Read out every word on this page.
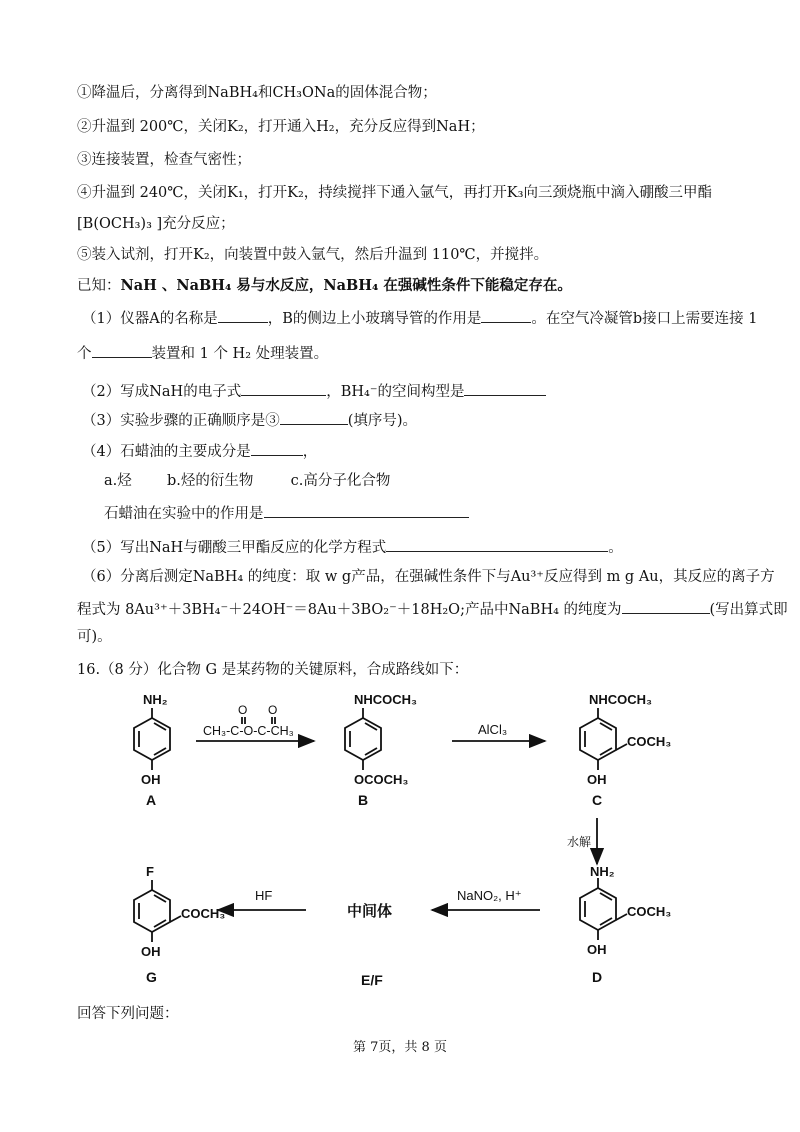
①降温后，分离得到NaBH₄和CH₃ONa的固体混合物；
②升温到 200℃，关闭K₂，打开通入H₂，充分反应得到NaH；
③连接装置，检查气密性；
④升温到 240℃，关闭K₁，打开K₂，持续搅拌下通入氩气，再打开K₃向三颈烧瓶中滴入硼酸三甲酯
[B(OCH₃)₃ ]充分反应；
⑤装入试剂，打开K₂，向装置中鼓入氩气，然后升温到 110℃，并搅拌。
已知：NaH 、NaBH₄ 易与水反应，NaBH₄ 在强碱性条件下能稳定存在。
（1）仪器A的名称是	，B的侧边上小玻璃导管的作用是	。在空气冷凝管b接口上需要连接 1
个	装置和 1 个 H₂ 处理装置。
（2）写成NaH的电子式	，BH₄⁻的空间构型是
（3）实验步骤的正确顺序是③	(填序号)。
（4）石蜡油的主要成分是	，
a.烃 b.烃的衍生物	c.高分子化合物
石蜡油在实验中的作用是
（5）写出NaH与硼酸三甲酯反应的化学方程式	。
（6）分离后测定NaBH₄ 的纯度：取 w g产品，在强碱性条件下与Au³⁺反应得到 m g Au，其反应的离子方
程式为 8Au³⁺＋3BH₄⁻＋24OH⁻＝8Au＋3BO₂⁻＋18H₂O;产品中NaBH₄ 的纯度为	(写出算式即
可)。
16.（8 分）化合物 G 是某药物的关键原料，合成路线如下：
NH₂
OH
A
O O
CH₃-C-O-C-CH₃
NHCOCH₃
OCOCH₃
B
AlCl₃
NHCOCH₃
COCH₃
OH
C
水解
NH₂
COCH₃
OH
D
NaNO₂, H⁺
中间体
E/F
HF
F
COCH₃
OH
G
回答下列问题：
第 7页，共 8 页
